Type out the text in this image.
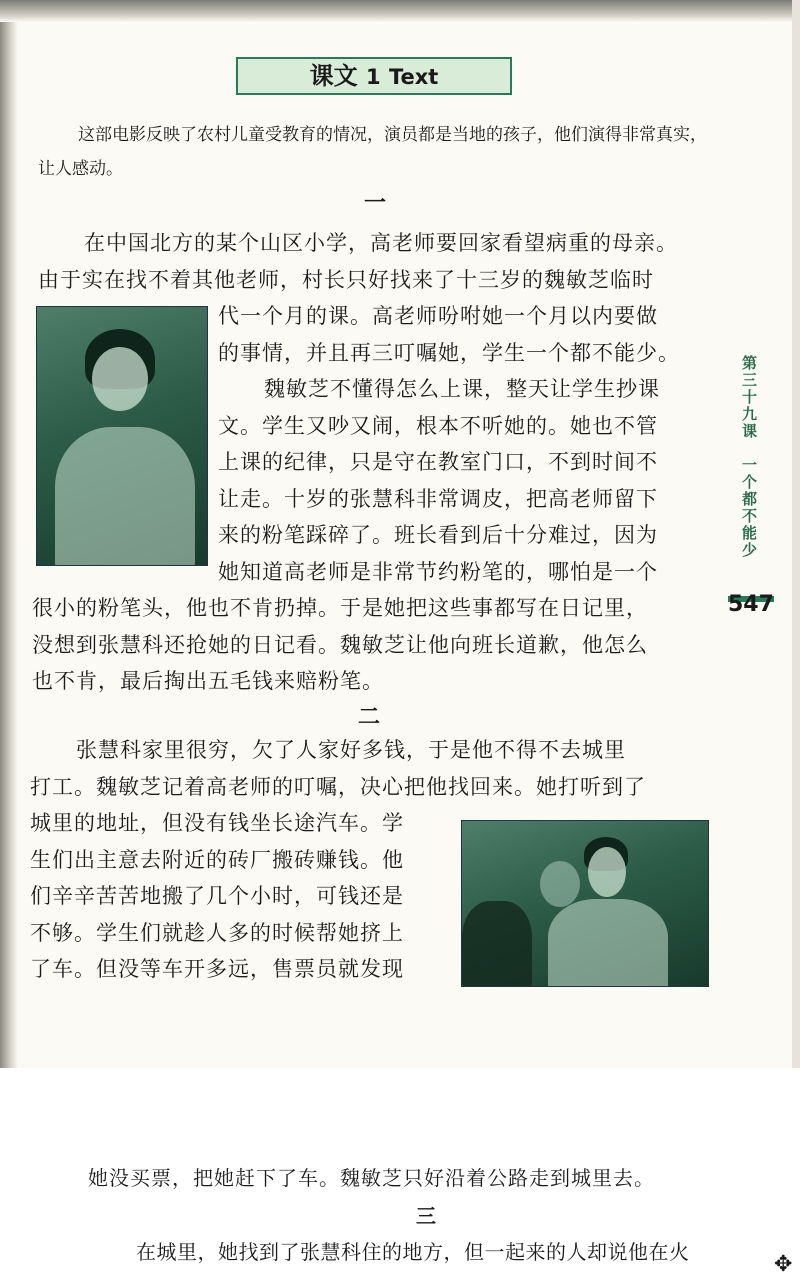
课文 1 Text

这部电影反映了农村儿童受教育的情况，演员都是当地的孩子，他们演得非常真实，让人感动。

一
在中国北方的某个山区小学，高老师要回家看望病重的母亲。
由于实在找不着其他老师，村长只好找来了十三岁的魏敏芝临时
代一个月的课。高老师吩咐她一个月以内要做
的事情，并且再三叮嘱她，学生一个都不能少。
魏敏芝不懂得怎么上课，整天让学生抄课
文。学生又吵又闹，根本不听她的。她也不管
上课的纪律，只是守在教室门口，不到时间不
让走。十岁的张慧科非常调皮，把高老师留下
来的粉笔踩碎了。班长看到后十分难过，因为
她知道高老师是非常节约粉笔的，哪怕是一个
很小的粉笔头，他也不肯扔掉。于是她把这些事都写在日记里，
没想到张慧科还抢她的日记看。魏敏芝让他向班长道歉，他怎么
也不肯，最后掏出五毛钱来赔粉笔。
二
张慧科家里很穷，欠了人家好多钱，于是他不得不去城里
打工。魏敏芝记着高老师的叮嘱，决心把他找回来。她打听到了
城里的地址，但没有钱坐长途汽车。学
生们出主意去附近的砖厂搬砖赚钱。他
们辛辛苦苦地搬了几个小时，可钱还是
不够。学生们就趁人多的时候帮她挤上
了车。但没等车开多远，售票员就发现
第三十九课　一个都不能少
547
她没买票，把她赶下了车。魏敏芝只好沿着公路走到城里去。
三
在城里，她找到了张慧科住的地方，但一起来的人却说他在火	✥
